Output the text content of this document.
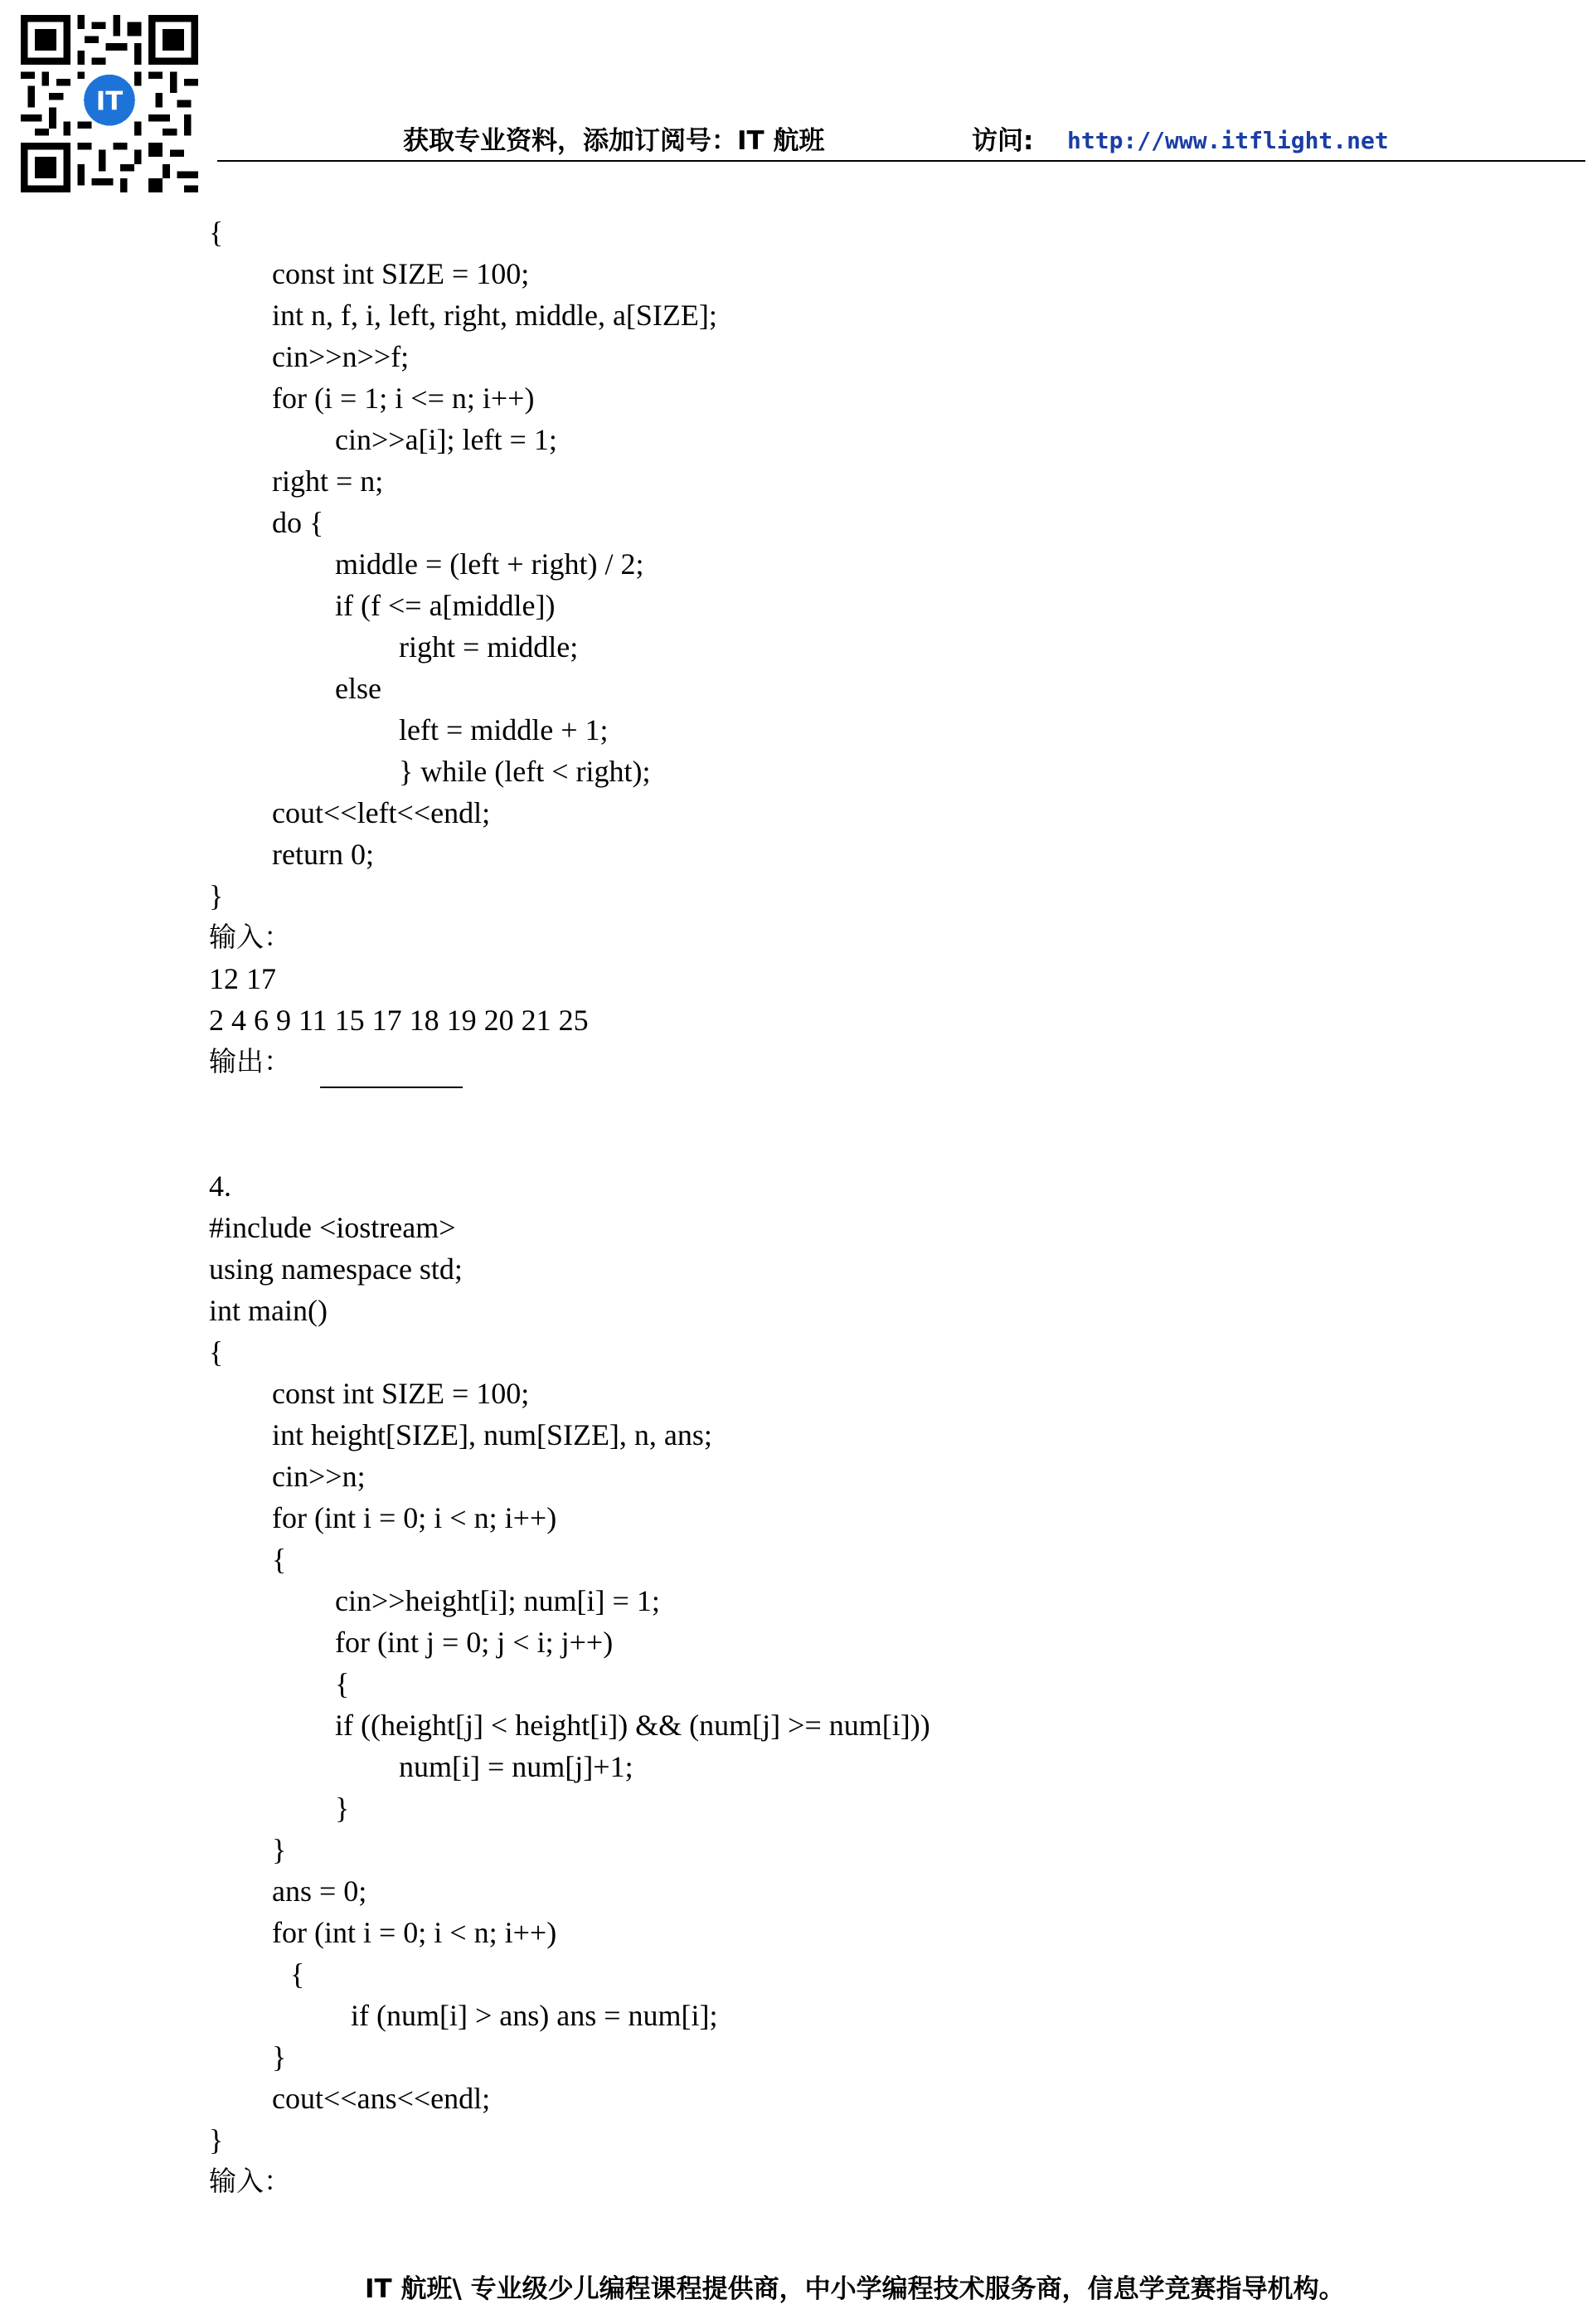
IT
获取专业资料，添加订阅号：IT 航班	访问: http://www.itflight.net
{
const int SIZE = 100;
int n, f, i, left, right, middle, a[SIZE];
cin>>n>>f;
for (i = 1; i <= n; i++)
cin>>a[i]; left = 1;
right = n;
do {
middle = (left + right) / 2;
if (f <= a[middle])
right = middle;
else
left = middle + 1;
} while (left < right);
cout<<left<<endl;
return 0;
}
输入：
12 17
2 4 6 9 11 15 17 18 19 20 21 25
输出：
4.
#include <iostream>
using namespace std;
int main()
{
const int SIZE = 100;
int height[SIZE], num[SIZE], n, ans;
cin>>n;
for (int i = 0; i < n; i++)
{
cin>>height[i]; num[i] = 1;
for (int j = 0; j < i; j++)
{
if ((height[j] < height[i]) && (num[j] >= num[i]))
num[i] = num[j]+1;
}
}
ans = 0;
for (int i = 0; i < n; i++)
{
if (num[i] > ans) ans = num[i];
}
cout<<ans<<endl;
}
输入：
IT 航班\ 专业级少儿编程课程提供商，中小学编程技术服务商，信息学竞赛指导机构。
